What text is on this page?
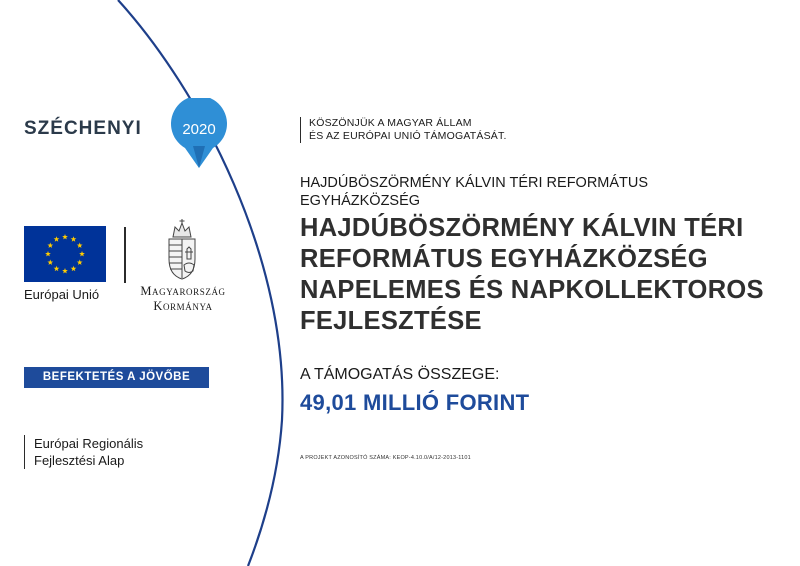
SZÉCHENYI	2020
Európai Unió	Magyarország
Kormánya
BEFEKTETÉS A JÖVŐBE
Európai Regionális
Fejlesztési Alap
KÖSZÖNJÜK A MAGYAR ÁLLAM
ÉS AZ EURÓPAI UNIÓ TÁMOGATÁSÁT.
HAJDÚBÖSZÖRMÉNY KÁLVIN TÉRI REFORMÁTUS EGYHÁZKÖZSÉG
HAJDÚBÖSZÖRMÉNY KÁLVIN TÉRI REFORMÁTUS EGYHÁZKÖZSÉG NAPELEMES ÉS NAPKOLLEKTOROS FEJLESZTÉSE
A TÁMOGATÁS ÖSSZEGE:
49,01 MILLIÓ FORINT
A PROJEKT AZONOSÍTÓ SZÁMA: KEOP-4.10.0/A/12-2013-1101
